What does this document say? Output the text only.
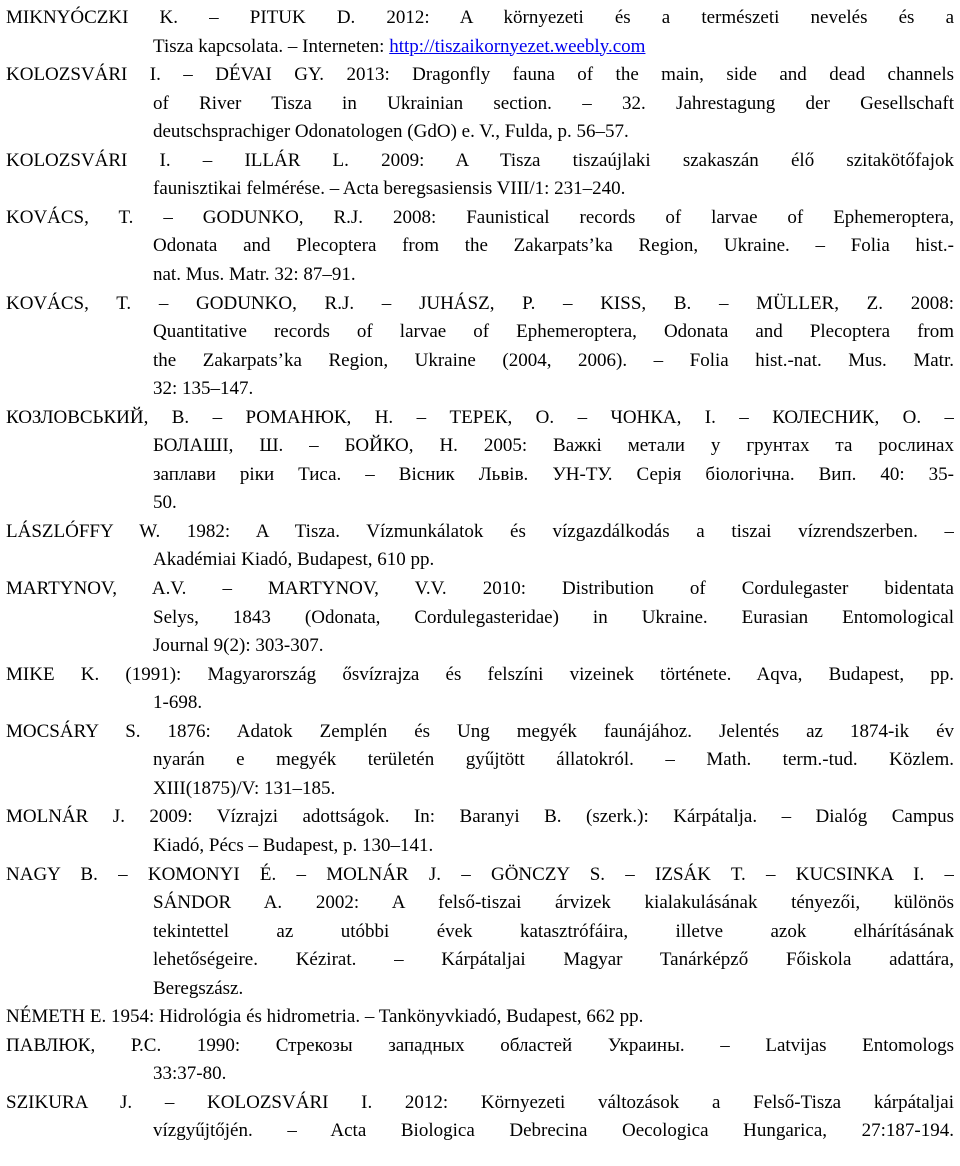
MIKNYÓCZKI K. – PITUK D. 2012: A környezeti és a természeti nevelés és a
Tisza kapcsolata. – Interneten: http://tiszaikornyezet.weebly.com
KOLOZSVÁRI I. – DÉVAI GY. 2013: Dragonfly fauna of the main, side and dead channels
of River Tisza in Ukrainian section. – 32. Jahrestagung der Gesellschaft
deutschsprachiger Odonatologen (GdO) e. V., Fulda, p. 56–57.
KOLOZSVÁRI I. – ILLÁR L. 2009: A Tisza tiszaújlaki szakaszán élő szitakötőfajok
faunisztikai felmérése. – Acta beregsasiensis VIII/1: 231–240.
KOVÁCS, T. – GODUNKO, R.J. 2008: Faunistical records of larvae of Ephemeroptera,
Odonata and Plecoptera from the Zakarpats’ka Region, Ukraine. – Folia hist.-
nat. Mus. Matr. 32: 87–91.
KOVÁCS, T. – GODUNKO, R.J. – JUHÁSZ, P. – KISS, B. – MÜLLER, Z. 2008:
Quantitative records of larvae of Ephemeroptera, Odonata and Plecoptera from
the Zakarpats’ka Region, Ukraine (2004, 2006). – Folia hist.-nat. Mus. Matr.
32: 135–147.
КОЗЛОВСЬКИЙ, В. – РОМАНЮК, Н. – ТЕРЕК, О. – ЧОНКА, І. – КОЛЕСНИК, О. –
БОЛАШІ, Ш. – БОЙКО, Н. 2005: Важкі метали у грунтах та рослинах
заплави ріки Тиса. – Вісник Львів. УН-ТУ. Серія біологічна. Вип. 40: 35-
50.
LÁSZLÓFFY W. 1982: A Tisza. Vízmunkálatok és vízgazdálkodás a tiszai vízrendszerben. –
Akadémiai Kiadó, Budapest, 610 pp.
MARTYNOV, A.V. – MARTYNOV, V.V. 2010: Distribution of Cordulegaster bidentata
Selys, 1843 (Odonata, Cordulegasteridae) in Ukraine. Eurasian Entomological
Journal 9(2): 303-307.
MIKE K. (1991): Magyarország ősvízrajza és felszíni vizeinek története. Aqva, Budapest, pp.
1-698.
MOCSÁRY S. 1876: Adatok Zemplén és Ung megyék faunájához. Jelentés az 1874-ik év
nyarán e megyék területén gyűjtött állatokról. – Math. term.-tud. Közlem.
XIII(1875)/V: 131–185.
MOLNÁR J. 2009: Vízrajzi adottságok. In: Baranyi B. (szerk.): Kárpátalja. – Dialóg Campus
Kiadó, Pécs – Budapest, p. 130–141.
NAGY B. – KOMONYI É. – MOLNÁR J. – GÖNCZY S. – IZSÁK T. – KUCSINKA I. –
SÁNDOR A. 2002: A felső-tiszai árvizek kialakulásának tényezői, különös
tekintettel az utóbbi évek katasztrófáira, illetve azok elhárításának
lehetőségeire. Kézirat. – Kárpátaljai Magyar Tanárképző Főiskola adattára,
Beregszász.
NÉMETH E. 1954: Hidrológia és hidrometria. – Tankönyvkiadó, Budapest, 662 pp.
ПАВЛЮК, Р.С. 1990: Стрекозы западных областей Украины. – Latvijas Entomologs
33:37-80.
SZIKURA J. – KOLOZSVÁRI I. 2012: Környezeti változások a Felső-Tisza kárpátaljai
vízgyűjtőjén. – Acta Biologica Debrecina Oecologica Hungarica, 27:187-194.
